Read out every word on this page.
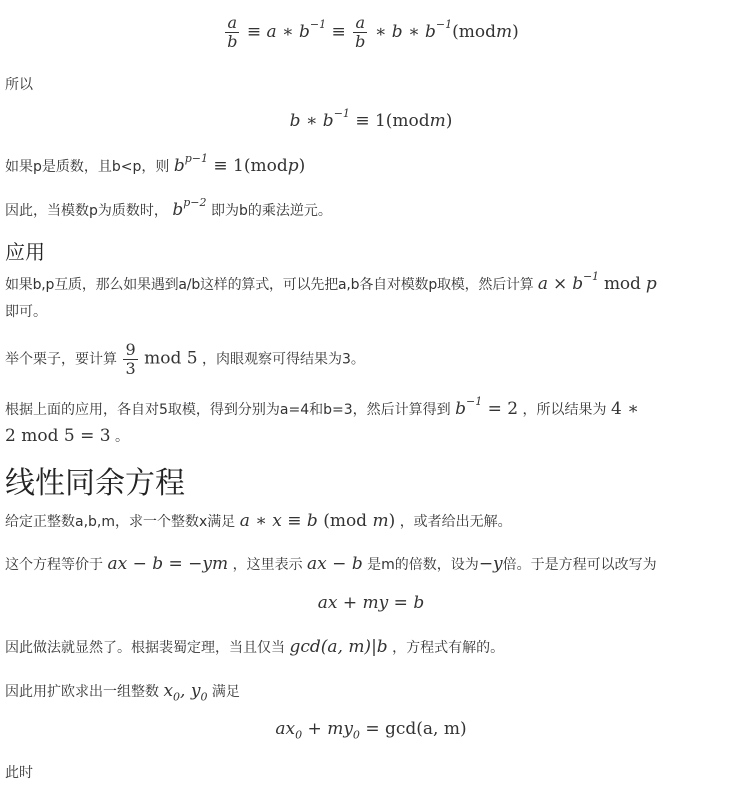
$\frac{a}{b} \equiv a$ ∗ $b^{-1} \equiv \frac{a}{b}$ ∗ b ∗ $b^{-1}(modm)$
所以
b ∗ $b^{-1}$ ≡ 1(modm)
如果p是质数，且b<p，则 $b^{p-1}$ ≡ 1(modp)
因此，当模数p为质数时， $b^{p-2}$ 即为b的乘法逆元。
应用
如果b,p互质，那么如果遇到a/b这样的算式，可以先把a,b各自对模数p取模，然后计算 $a \times b^{-1}$ mod p
即可。
举个栗子，要计算 $\frac{9}{3}$ mod 5 ，肉眼观察可得结果为3。
根据上面的应用，各自对5取模，得到分别为a=4和b=3，然后计算得到 $b^{-1} = 2$ ，所以结果为 4 ∗
2 mod 5 = 3 。
线性同余方程
给定正整数a,b,m，求一个整数x满足 a ∗ x ≡ b (mod m) ，或者给出无解。
这个方程等价于 ax − b = −ym ，这里表示 ax − b 是m的倍数，设为−y倍。于是方程可以改写为
ax + my = b
因此做法就显然了。根据裴蜀定理，当且仅当 gcd(a, m)|b ，方程式有解的。
因此用扩欧求出一组整数 $x_0$, $y_0$ 满足
$ax_0 + my_0 = \gcd(a$, m)
此时
